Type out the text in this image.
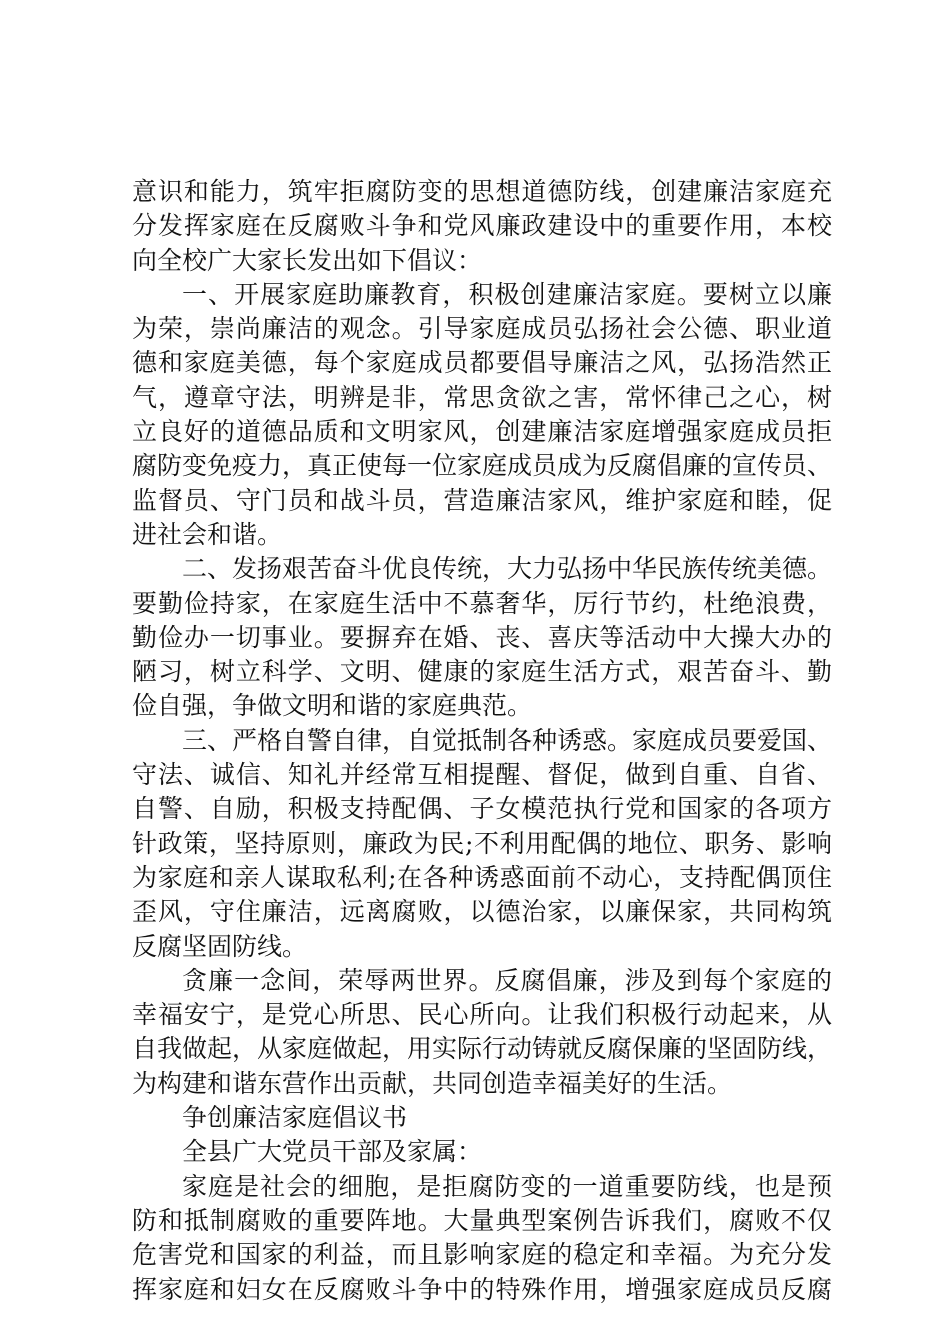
意识和能力，筑牢拒腐防变的思想道德防线，创建廉洁家庭充
分发挥家庭在反腐败斗争和党风廉政建设中的重要作用，本校
向全校广大家长发出如下倡议：
一、开展家庭助廉教育，积极创建廉洁家庭。要树立以廉
为荣，崇尚廉洁的观念。引导家庭成员弘扬社会公德、职业道
德和家庭美德，每个家庭成员都要倡导廉洁之风，弘扬浩然正
气，遵章守法，明辨是非，常思贪欲之害，常怀律己之心，树
立良好的道德品质和文明家风，创建廉洁家庭增强家庭成员拒
腐防变免疫力，真正使每一位家庭成员成为反腐倡廉的宣传员、
监督员、守门员和战斗员，营造廉洁家风，维护家庭和睦，促
进社会和谐。
二、发扬艰苦奋斗优良传统，大力弘扬中华民族传统美德。
要勤俭持家，在家庭生活中不慕奢华，厉行节约，杜绝浪费，
勤俭办一切事业。要摒弃在婚、丧、喜庆等活动中大操大办的
陋习，树立科学、文明、健康的家庭生活方式，艰苦奋斗、勤
俭自强，争做文明和谐的家庭典范。
三、严格自警自律，自觉抵制各种诱惑。家庭成员要爱国、
守法、诚信、知礼并经常互相提醒、督促，做到自重、自省、
自警、自励，积极支持配偶、子女模范执行党和国家的各项方
针政策，坚持原则，廉政为民;不利用配偶的地位、职务、影响
为家庭和亲人谋取私利;在各种诱惑面前不动心，支持配偶顶住
歪风，守住廉洁，远离腐败，以德治家，以廉保家，共同构筑
反腐坚固防线。
贪廉一念间，荣辱两世界。反腐倡廉，涉及到每个家庭的
幸福安宁，是党心所思、民心所向。让我们积极行动起来，从
自我做起，从家庭做起，用实际行动铸就反腐保廉的坚固防线，
为构建和谐东营作出贡献，共同创造幸福美好的生活。
争创廉洁家庭倡议书
全县广大党员干部及家属：
家庭是社会的细胞，是拒腐防变的一道重要防线，也是预
防和抵制腐败的重要阵地。大量典型案例告诉我们，腐败不仅
危害党和国家的利益，而且影响家庭的稳定和幸福。为充分发
挥家庭和妇女在反腐败斗争中的特殊作用，增强家庭成员反腐
